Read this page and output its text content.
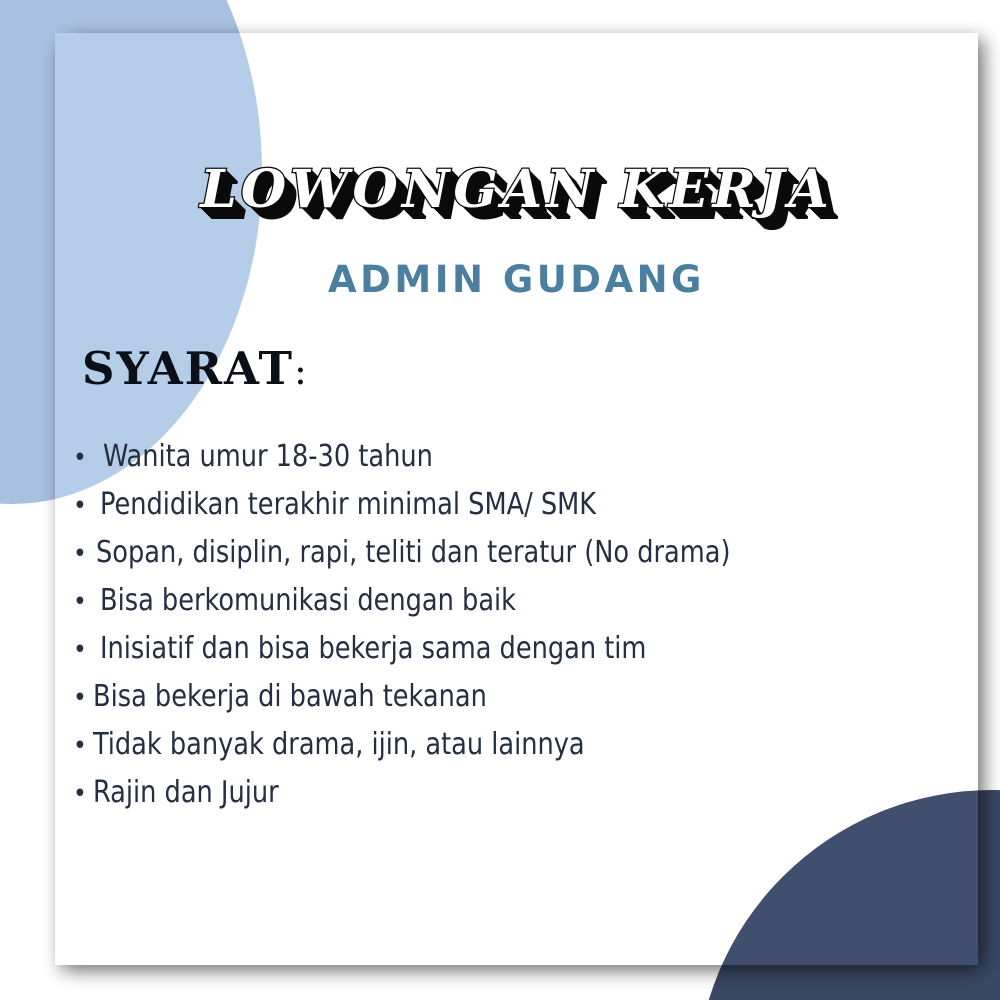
LOWONGAN KERJA
ADMIN GUDANG
SYARAT:
• Wanita umur 18-30 tahun
• Pendidikan terakhir minimal SMA/ SMK
• Sopan, disiplin, rapi, teliti dan teratur (No drama)
• Bisa berkomunikasi dengan baik
• Inisiatif dan bisa bekerja sama dengan tim
• Bisa bekerja di bawah tekanan
• Tidak banyak drama, ijin, atau lainnya
• Rajin dan Jujur
